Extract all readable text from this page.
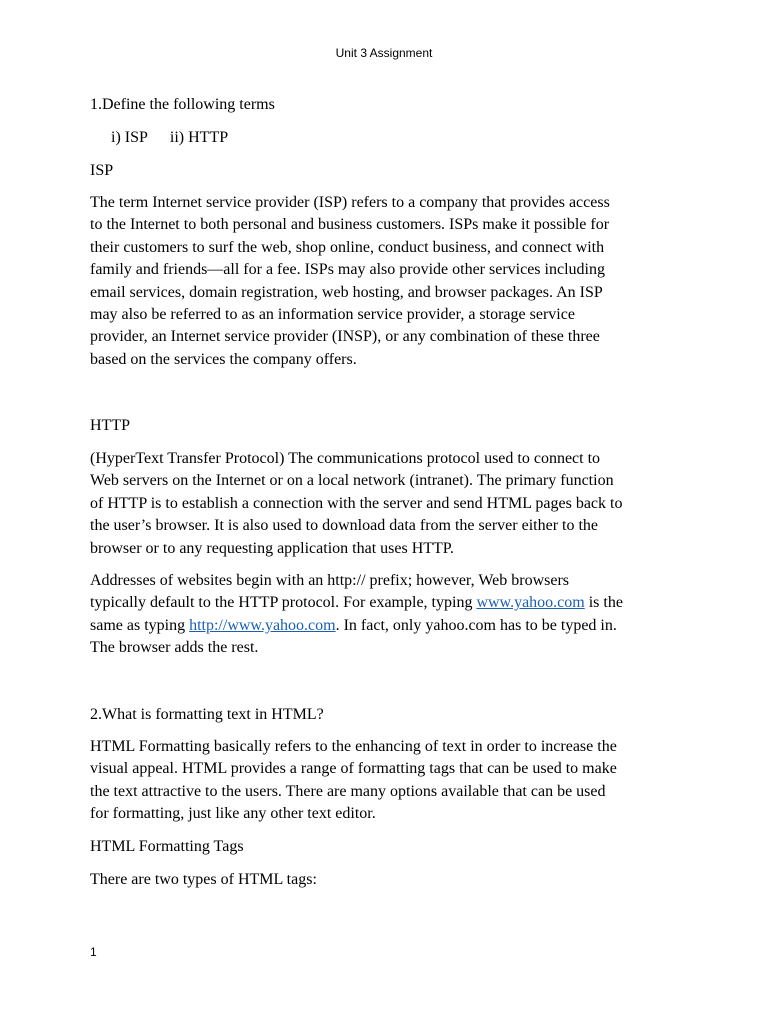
Unit 3 Assignment

1.Define the following terms

i) ISP ii) HTTP

ISP

The term Internet service provider (ISP) refers to a company that provides access
to the Internet to both personal and business customers. ISPs make it possible for
their customers to surf the web, shop online, conduct business, and connect with
family and friends—all for a fee. ISPs may also provide other services including
email services, domain registration, web hosting, and browser packages. An ISP
may also be referred to as an information service provider, a storage service
provider, an Internet service provider (INSP), or any combination of these three
based on the services the company offers.

HTTP

(HyperText Transfer Protocol) The communications protocol used to connect to
Web servers on the Internet or on a local network (intranet). The primary function
of HTTP is to establish a connection with the server and send HTML pages back to
the user’s browser. It is also used to download data from the server either to the
browser or to any requesting application that uses HTTP.
Addresses of websites begin with an http:// prefix; however, Web browsers
typically default to the HTTP protocol. For example, typing www.yahoo.com is the
same as typing http://www.yahoo.com. In fact, only yahoo.com has to be typed in.
The browser adds the rest.

2.What is formatting text in HTML?

HTML Formatting basically refers to the enhancing of text in order to increase the
visual appeal. HTML provides a range of formatting tags that can be used to make
the text attractive to the users. There are many options available that can be used
for formatting, just like any other text editor.

HTML Formatting Tags

There are two types of HTML tags:

1
